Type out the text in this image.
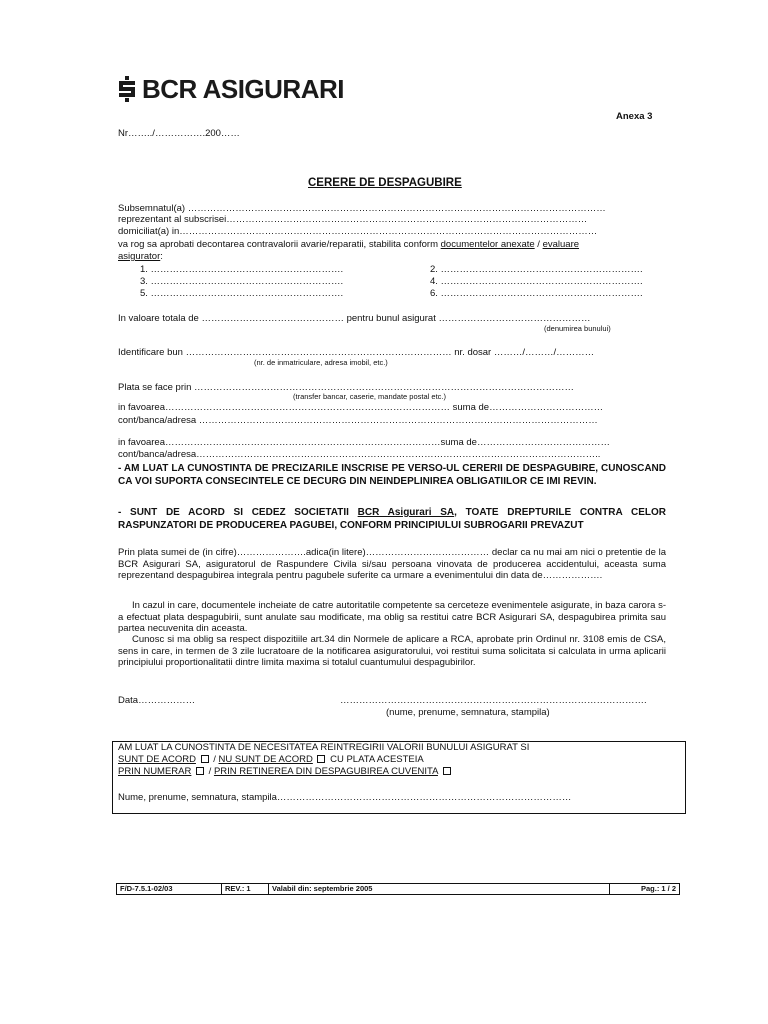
BCR ASIGURARI
Anexa 3
Nr……../…………….200……
CERERE DE DESPAGUBIRE
Subsemnatul(a) ……………………………………………………………………………………………………………………
reprezentant al subscrisei……………………………………………………………………………………………………
domiciliat(a) in……………………………………………………………………………………………………………………
va rog sa aprobati decontarea contravalorii avarie/reparatii, stabilita conform documentelor anexate / evaluare
asigurator:
1. …………………………………………………….	2. ……………………………………………………….
3. …………………………………………………….	4. ……………………………………………………….
5. …………………………………………………….	6. ……………………………………………………….
In valoare totala de ……………………………………… pentru bunul asigurat …………………………………………
(denumirea bunului)
Identificare bun ………………………………………………………………………… nr. dosar ………/………/…………
(nr. de inmatriculare, adresa imobil, etc.)
Plata se face prin …………………………………………………………………………………………………………
(transfer bancar, caserie, mandate postal etc.)
in favoarea……………………………………………………………………………… suma de………………………………
cont/banca/adresa ………………………………………………………………………………………………………………
in favoarea……………………………………………………………………………suma de……………………………………
cont/banca/adresa………………………………………………………………………………………………………………..
- AM LUAT LA CUNOSTINTA DE PRECIZARILE INSCRISE PE VERSO-UL CERERII DE DESPAGUBIRE, CUNOSCAND CA VOI SUPORTA CONSECINTELE CE DECURG DIN NEINDEPLINIREA OBLIGATIILOR CE IMI REVIN.
- SUNT DE ACORD SI CEDEZ SOCIETATII BCR Asigurari SA, TOATE DREPTURILE CONTRA CELOR RASPUNZATORI DE PRODUCEREA PAGUBEI, CONFORM PRINCIPIULUI SUBROGARII PREVAZUT
Prin plata sumei de (in cifre)………………….adica(in litere)………………………………… declar ca nu mai am nici o pretentie de la BCR Asigurari SA, asiguratorul de Raspundere Civila si/sau persoana vinovata de producerea accidentului, aceasta suma reprezentand despagubirea integrala pentru pagubele suferite ca urmare a evenimentului din data de……………….
In cazul in care, documentele incheiate de catre autoritatile competente sa cerceteze evenimentele asigurate, in baza carora s-a efectuat plata despagubirii, sunt anulate sau modificate, ma oblig sa restitui catre BCR Asigurari SA, despagubirea primita sau partea necuvenita din aceasta.
Cunosc si ma oblig sa respect dispozitiile art.34 din Normele de aplicare a RCA, aprobate prin Ordinul nr. 3108 emis de CSA, sens in care, in termen de 3 zile lucratoare de la notificarea asiguratorului, voi restitui suma solicitata si calculata in urma aplicarii principiului proportionalitatii dintre limita maxima si totalul cuantumului despagubirilor.
Data………………	…………………………………………………………………………………….
(nume, prenume, semnatura, stampila)
AM LUAT LA CUNOSTINTA DE NECESITATEA REINTREGIRII VALORII BUNULUI ASIGURAT SI
SUNT DE ACORD  / NU SUNT DE ACORD  CU PLATA ACESTEIA
PRIN NUMERAR  / PRIN RETINEREA DIN DESPAGUBIREA CUVENITA
Nume, prenume, semnatura, stampila…………………………………………………………………………………
F/D-7.5.1-02/03	REV.: 1	Valabil din: septembrie 2005	Pag.: 1 / 2
